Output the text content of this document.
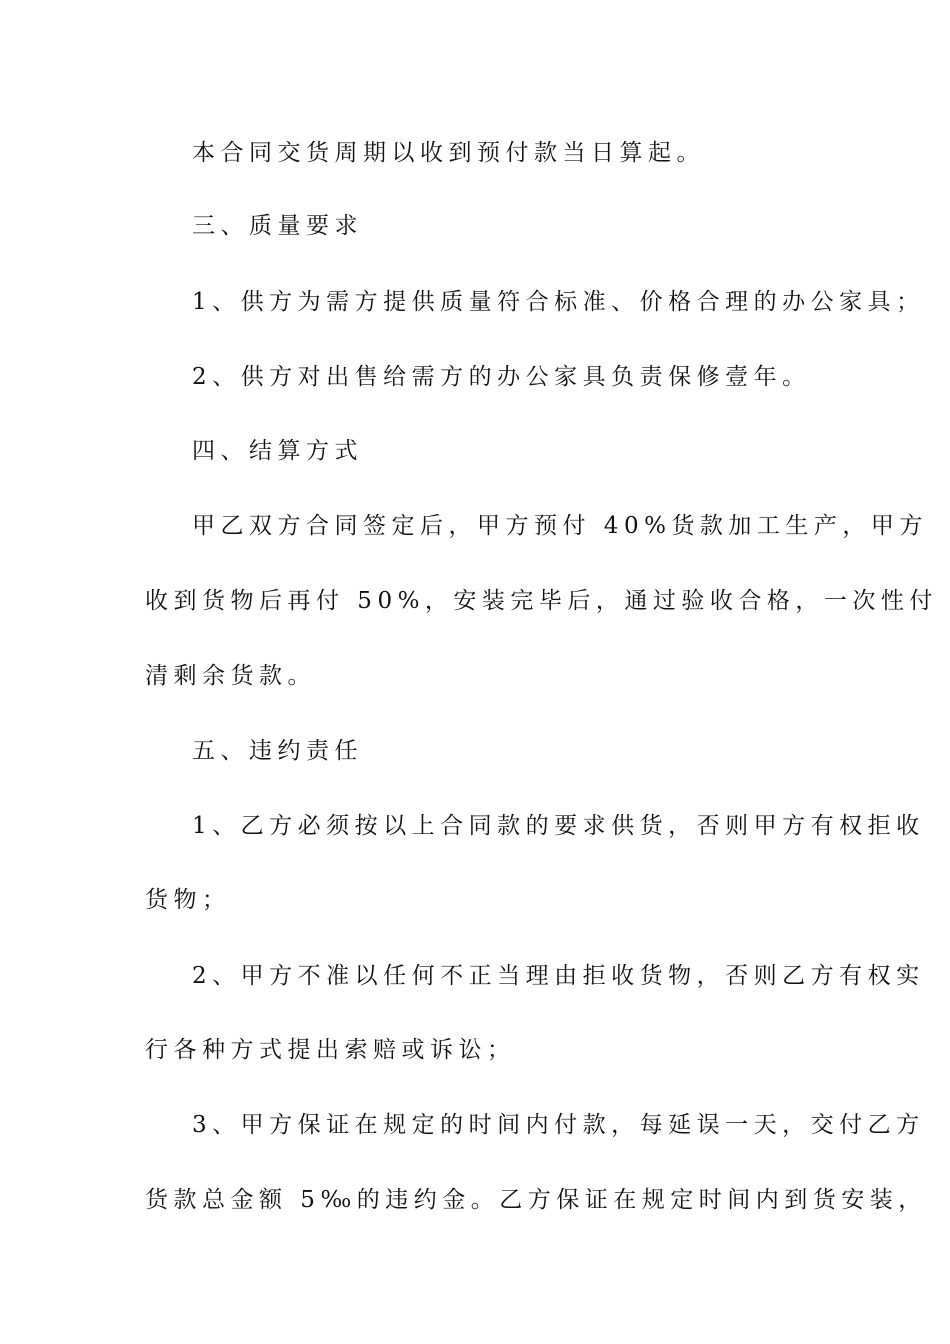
本合同交货周期以收到预付款当日算起。
三、质量要求
1、供方为需方提供质量符合标准、价格合理的办公家具；
2、供方对出售给需方的办公家具负责保修壹年。
四、结算方式
甲乙双方合同签定后，甲方预付 40%货款加工生产，甲方
收到货物后再付 50%，安装完毕后，通过验收合格，一次性付
清剩余货款。
五、违约责任
1、乙方必须按以上合同款的要求供货，否则甲方有权拒收
货物；
2、甲方不准以任何不正当理由拒收货物，否则乙方有权实
行各种方式提出索赔或诉讼；
3、甲方保证在规定的时间内付款，每延误一天，交付乙方
货款总金额 5‰的违约金。乙方保证在规定时间内到货安装，
